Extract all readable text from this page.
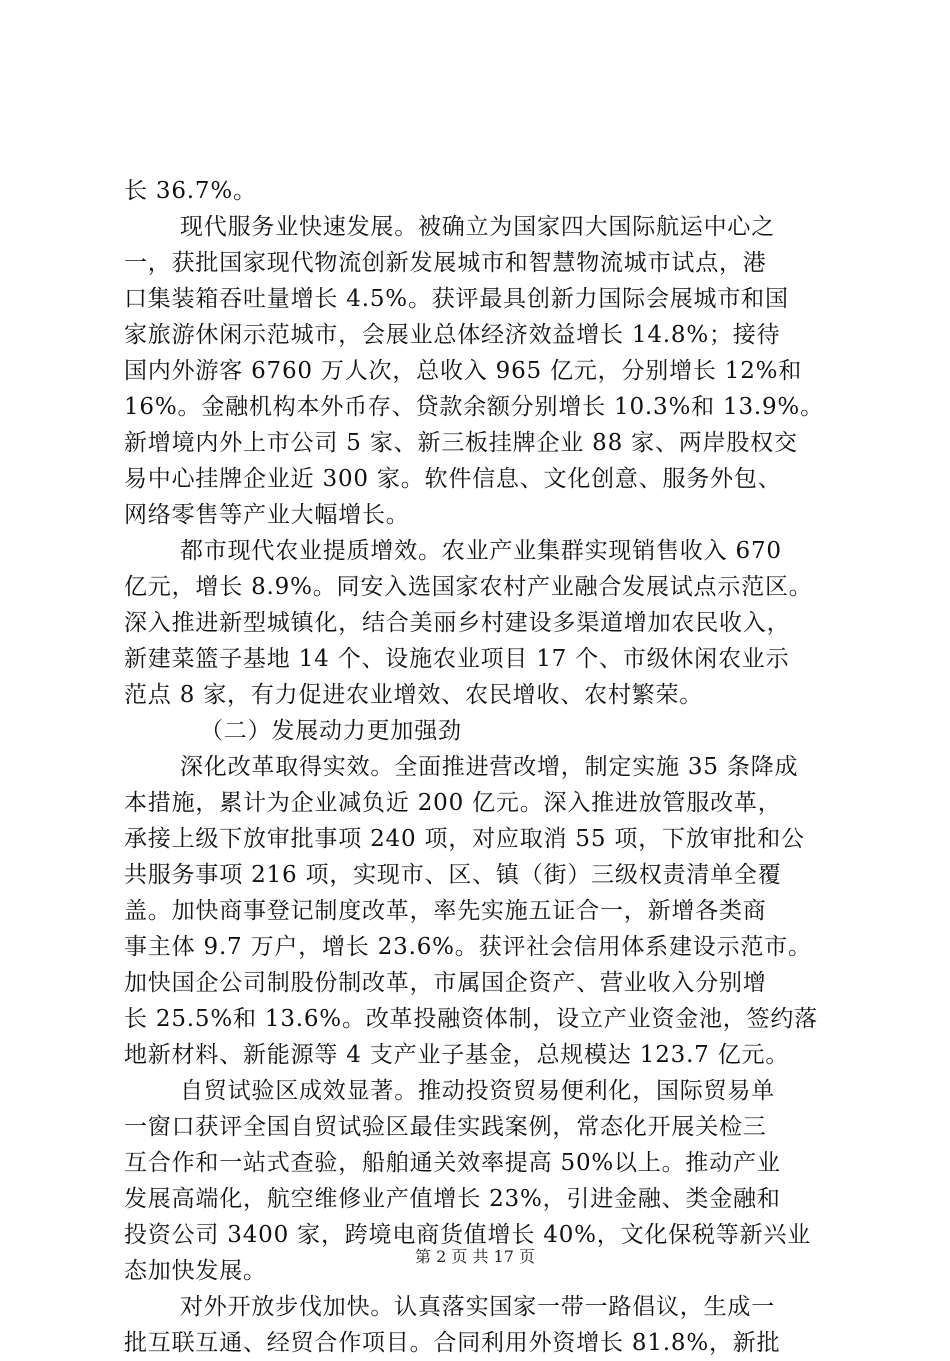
长 36.7%。
现代服务业快速发展。被确立为国家四大国际航运中心之
一，获批国家现代物流创新发展城市和智慧物流城市试点，港
口集装箱吞吐量增长 4.5%。获评最具创新力国际会展城市和国
家旅游休闲示范城市，会展业总体经济效益增长 14.8%；接待
国内外游客 6760 万人次，总收入 965 亿元，分别增长 12%和
16%。金融机构本外币存、贷款余额分别增长 10.3%和 13.9%。
新增境内外上市公司 5 家、新三板挂牌企业 88 家、两岸股权交
易中心挂牌企业近 300 家。软件信息、文化创意、服务外包、
网络零售等产业大幅增长。
都市现代农业提质增效。农业产业集群实现销售收入 670
亿元，增长 8.9%。同安入选国家农村产业融合发展试点示范区。
深入推进新型城镇化，结合美丽乡村建设多渠道增加农民收入，
新建菜篮子基地 14 个、设施农业项目 17 个、市级休闲农业示
范点 8 家，有力促进农业增效、农民增收、农村繁荣。
（二）发展动力更加强劲
深化改革取得实效。全面推进营改增，制定实施 35 条降成
本措施，累计为企业减负近 200 亿元。深入推进放管服改革，
承接上级下放审批事项 240 项，对应取消 55 项，下放审批和公
共服务事项 216 项，实现市、区、镇（街）三级权责清单全覆
盖。加快商事登记制度改革，率先实施五证合一，新增各类商
事主体 9.7 万户，增长 23.6%。获评社会信用体系建设示范市。
加快国企公司制股份制改革，市属国企资产、营业收入分别增
长 25.5%和 13.6%。改革投融资体制，设立产业资金池，签约落
地新材料、新能源等 4 支产业子基金，总规模达 123.7 亿元。
自贸试验区成效显著。推动投资贸易便利化，国际贸易单
一窗口获评全国自贸试验区最佳实践案例，常态化开展关检三
互合作和一站式查验，船舶通关效率提高 50%以上。推动产业
发展高端化，航空维修业产值增长 23%，引进金融、类金融和
投资公司 3400 家，跨境电商货值增长 40%，文化保税等新兴业
态加快发展。
对外开放步伐加快。认真落实国家一带一路倡议，生成一
批互联互通、经贸合作项目。合同利用外资增长 81.8%，新批
第 2 页 共 17 页
